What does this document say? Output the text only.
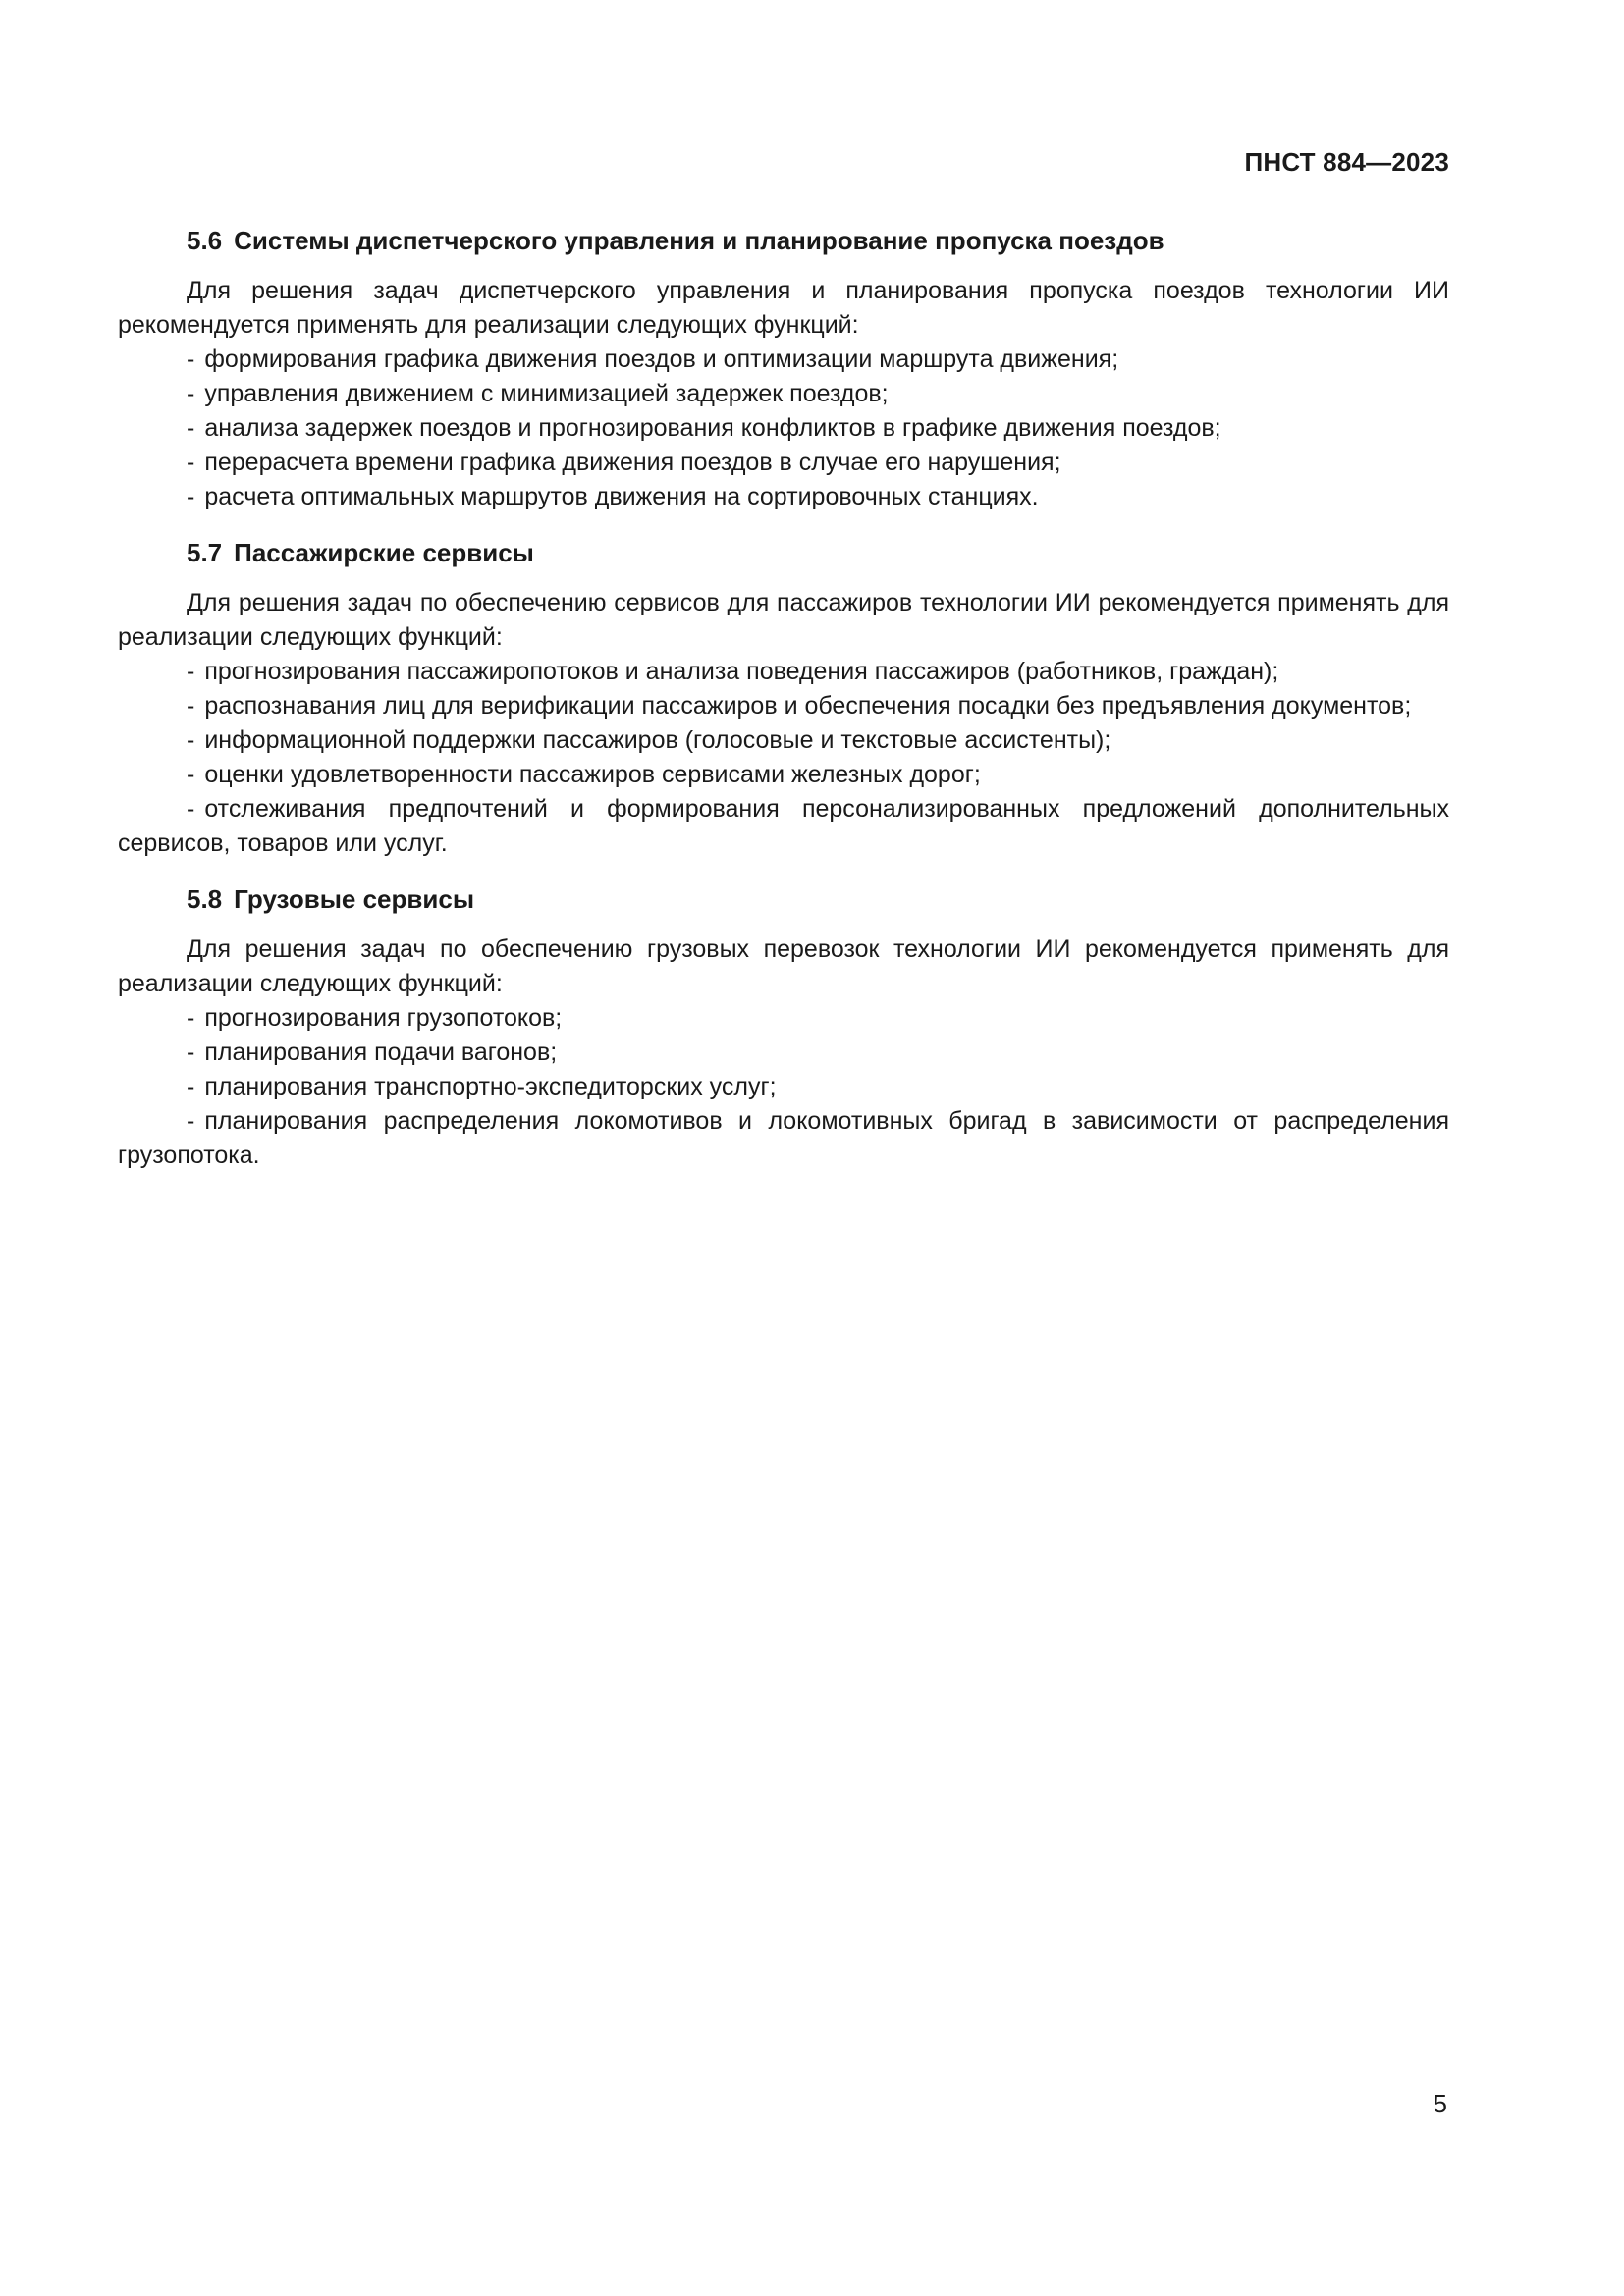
ПНСТ 884—2023
5.6 Системы диспетчерского управления и планирование пропуска поездов

Для решения задач диспетчерского управления и планирования пропуска поездов технологии ИИ рекомендуется применять для реализации следующих функций:

- формирования графика движения поездов и оптимизации маршрута движения;
- управления движением с минимизацией задержек поездов;
- анализа задержек поездов и прогнозирования конфликтов в графике движения поездов;
- перерасчета времени графика движения поездов в случае его нарушения;
- расчета оптимальных маршрутов движения на сортировочных станциях.
5.7 Пассажирские сервисы

Для решения задач по обеспечению сервисов для пассажиров технологии ИИ рекомендуется применять для реализации следующих функций:

- прогнозирования пассажиропотоков и анализа поведения пассажиров (работников, граждан);
- распознавания лиц для верификации пассажиров и обеспечения посадки без предъявления документов;
- информационной поддержки пассажиров (голосовые и текстовые ассистенты);
- оценки удовлетворенности пассажиров сервисами железных дорог;
- отслеживания предпочтений и формирования персонализированных предложений дополнительных сервисов, товаров или услуг.
5.8 Грузовые сервисы

Для решения задач по обеспечению грузовых перевозок технологии ИИ рекомендуется применять для реализации следующих функций:

- прогнозирования грузопотоков;
- планирования подачи вагонов;
- планирования транспортно-экспедиторских услуг;
- планирования распределения локомотивов и локомотивных бригад в зависимости от распределения грузопотока.
5
